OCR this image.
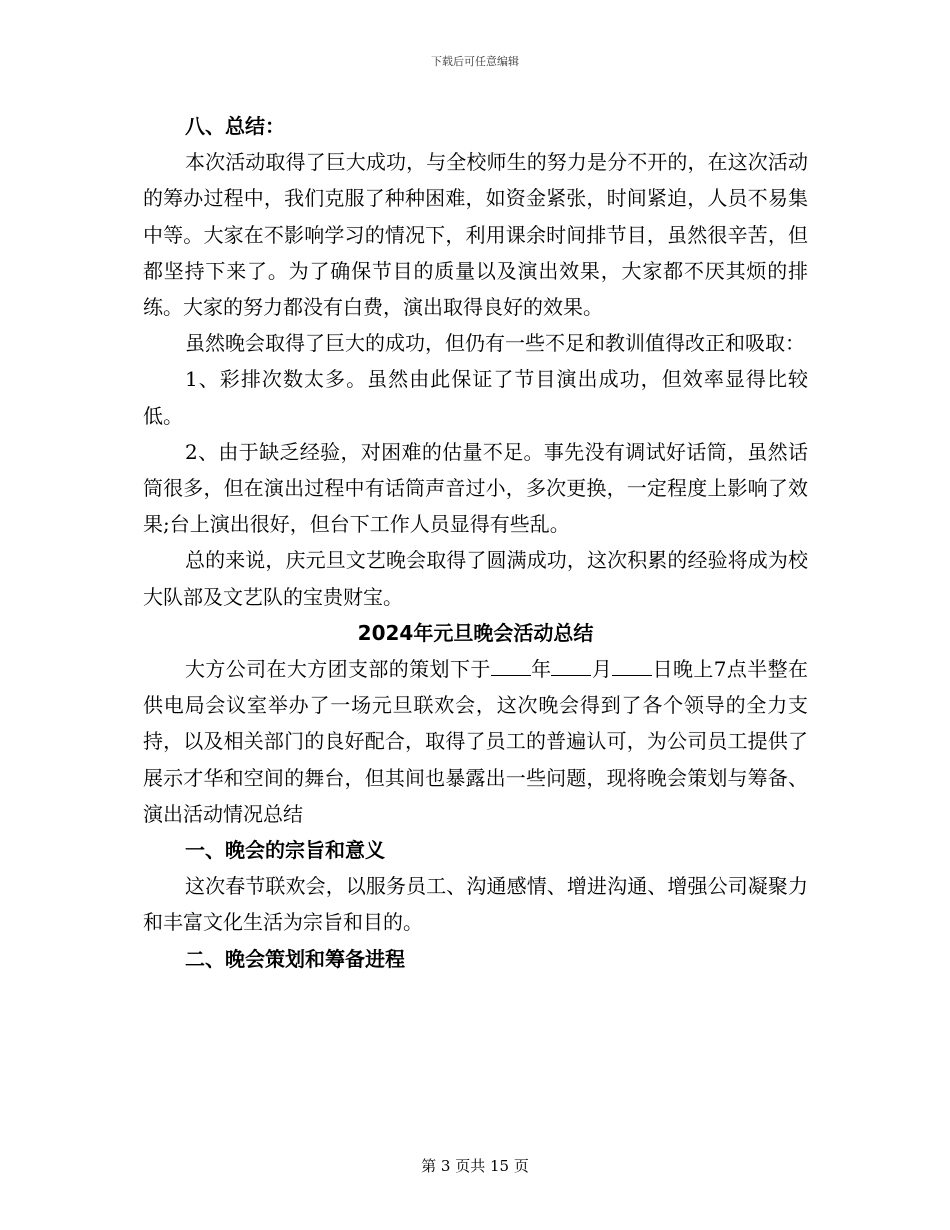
下载后可任意编辑

八、总结：

本次活动取得了巨大成功，与全校师生的努力是分不开的，在这次活动的筹办过程中，我们克服了种种困难，如资金紧张，时间紧迫，人员不易集中等。大家在不影响学习的情况下，利用课余时间排节目，虽然很辛苦，但都坚持下来了。为了确保节目的质量以及演出效果，大家都不厌其烦的排练。大家的努力都没有白费，演出取得良好的效果。

虽然晚会取得了巨大的成功，但仍有一些不足和教训值得改正和吸取：

1、彩排次数太多。虽然由此保证了节目演出成功，但效率显得比较低。

2、由于缺乏经验，对困难的估量不足。事先没有调试好话筒，虽然话筒很多，但在演出过程中有话筒声音过小，多次更换，一定程度上影响了效果;台上演出很好，但台下工作人员显得有些乱。

总的来说，庆元旦文艺晚会取得了圆满成功，这次积累的经验将成为校大队部及文艺队的宝贵财宝。

2024年元旦晚会活动总结

大方公司在大方团支部的策划下于 年 月 日晚上7点半整在供电局会议室举办了一场元旦联欢会，这次晚会得到了各个领导的全力支持，以及相关部门的良好配合，取得了员工的普遍认可，为公司员工提供了展示才华和空间的舞台，但其间也暴露出一些问题，现将晚会策划与筹备、演出活动情况总结

一、晚会的宗旨和意义

这次春节联欢会，以服务员工、沟通感情、增进沟通、增强公司凝聚力和丰富文化生活为宗旨和目的。

二、晚会策划和筹备进程

第 3 页共 15 页
